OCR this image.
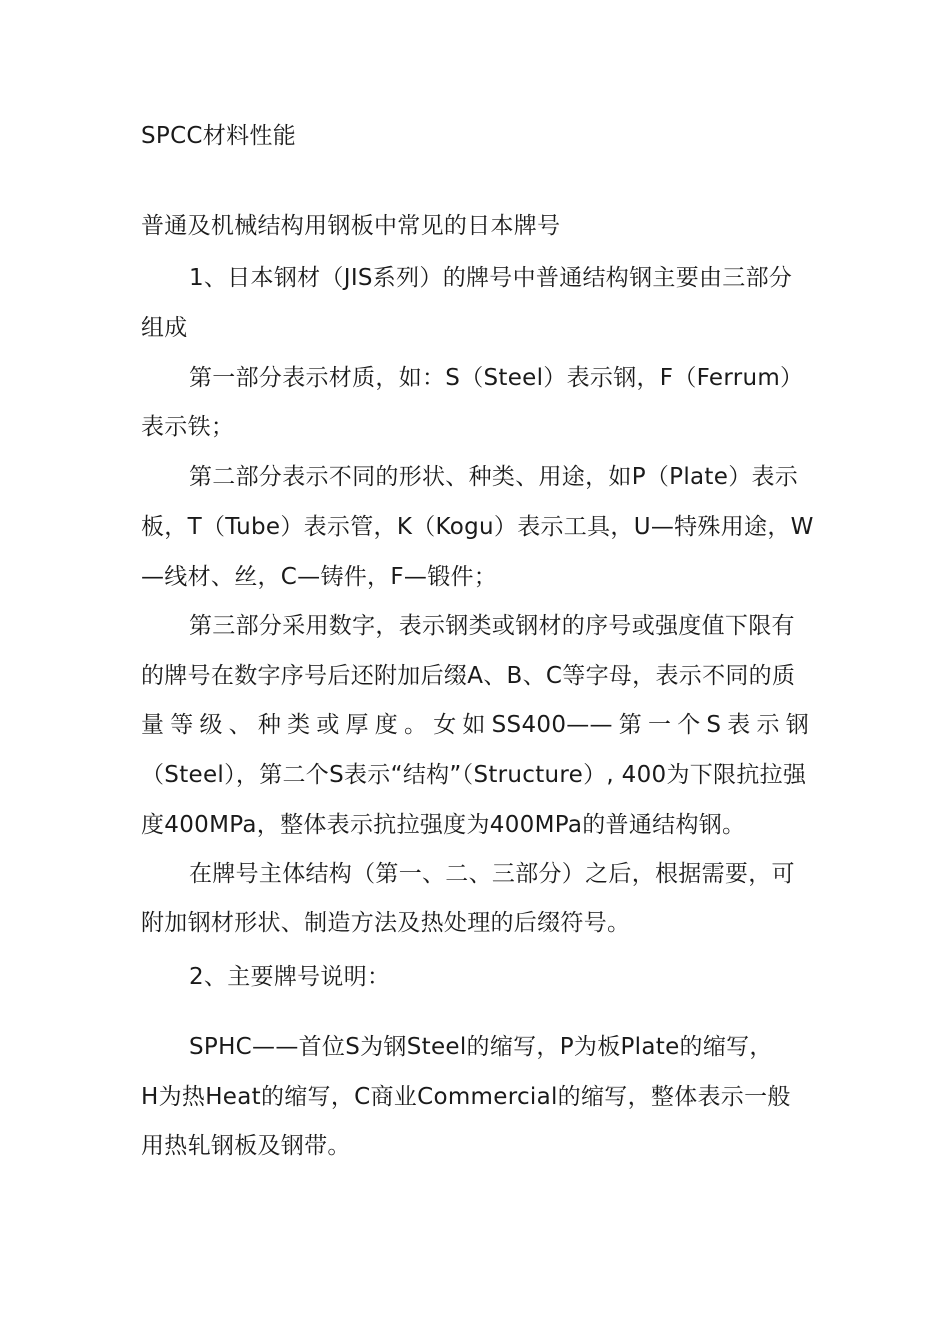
SPCC材料性能
普通及机械结构用钢板中常见的日本牌号
1、日本钢材（JIS系列）的牌号中普通结构钢主要由三部分
组成
第一部分表示材质，如：S（Steel）表示钢，F（Ferrum）
表示铁；
第二部分表示不同的形状、种类、用途，如P（Plate）表示
板，T（Tube）表示管，K（Kogu）表示工具，U—特殊用途，W
—线材、丝，C—铸件，F—锻件；
第三部分采用数字，表示钢类或钢材的序号或强度值下限有
的牌号在数字序号后还附加后缀A、B、C等字母，表示不同的质
量等级、种类或厚度。女如SS400——第一个S表示钢
（Steel），第二个S表示“结构”（Structure）, 400为下限抗拉强
度400MPa，整体表示抗拉强度为400MPa的普通结构钢。
在牌号主体结构（第一、二、三部分）之后，根据需要，可
附加钢材形状、制造方法及热处理的后缀符号。
2、主要牌号说明：
SPHC——首位S为钢Steel的缩写，P为板Plate的缩写，
H为热Heat的缩写，C商业Commercial的缩写，整体表示一般
用热轧钢板及钢带。
